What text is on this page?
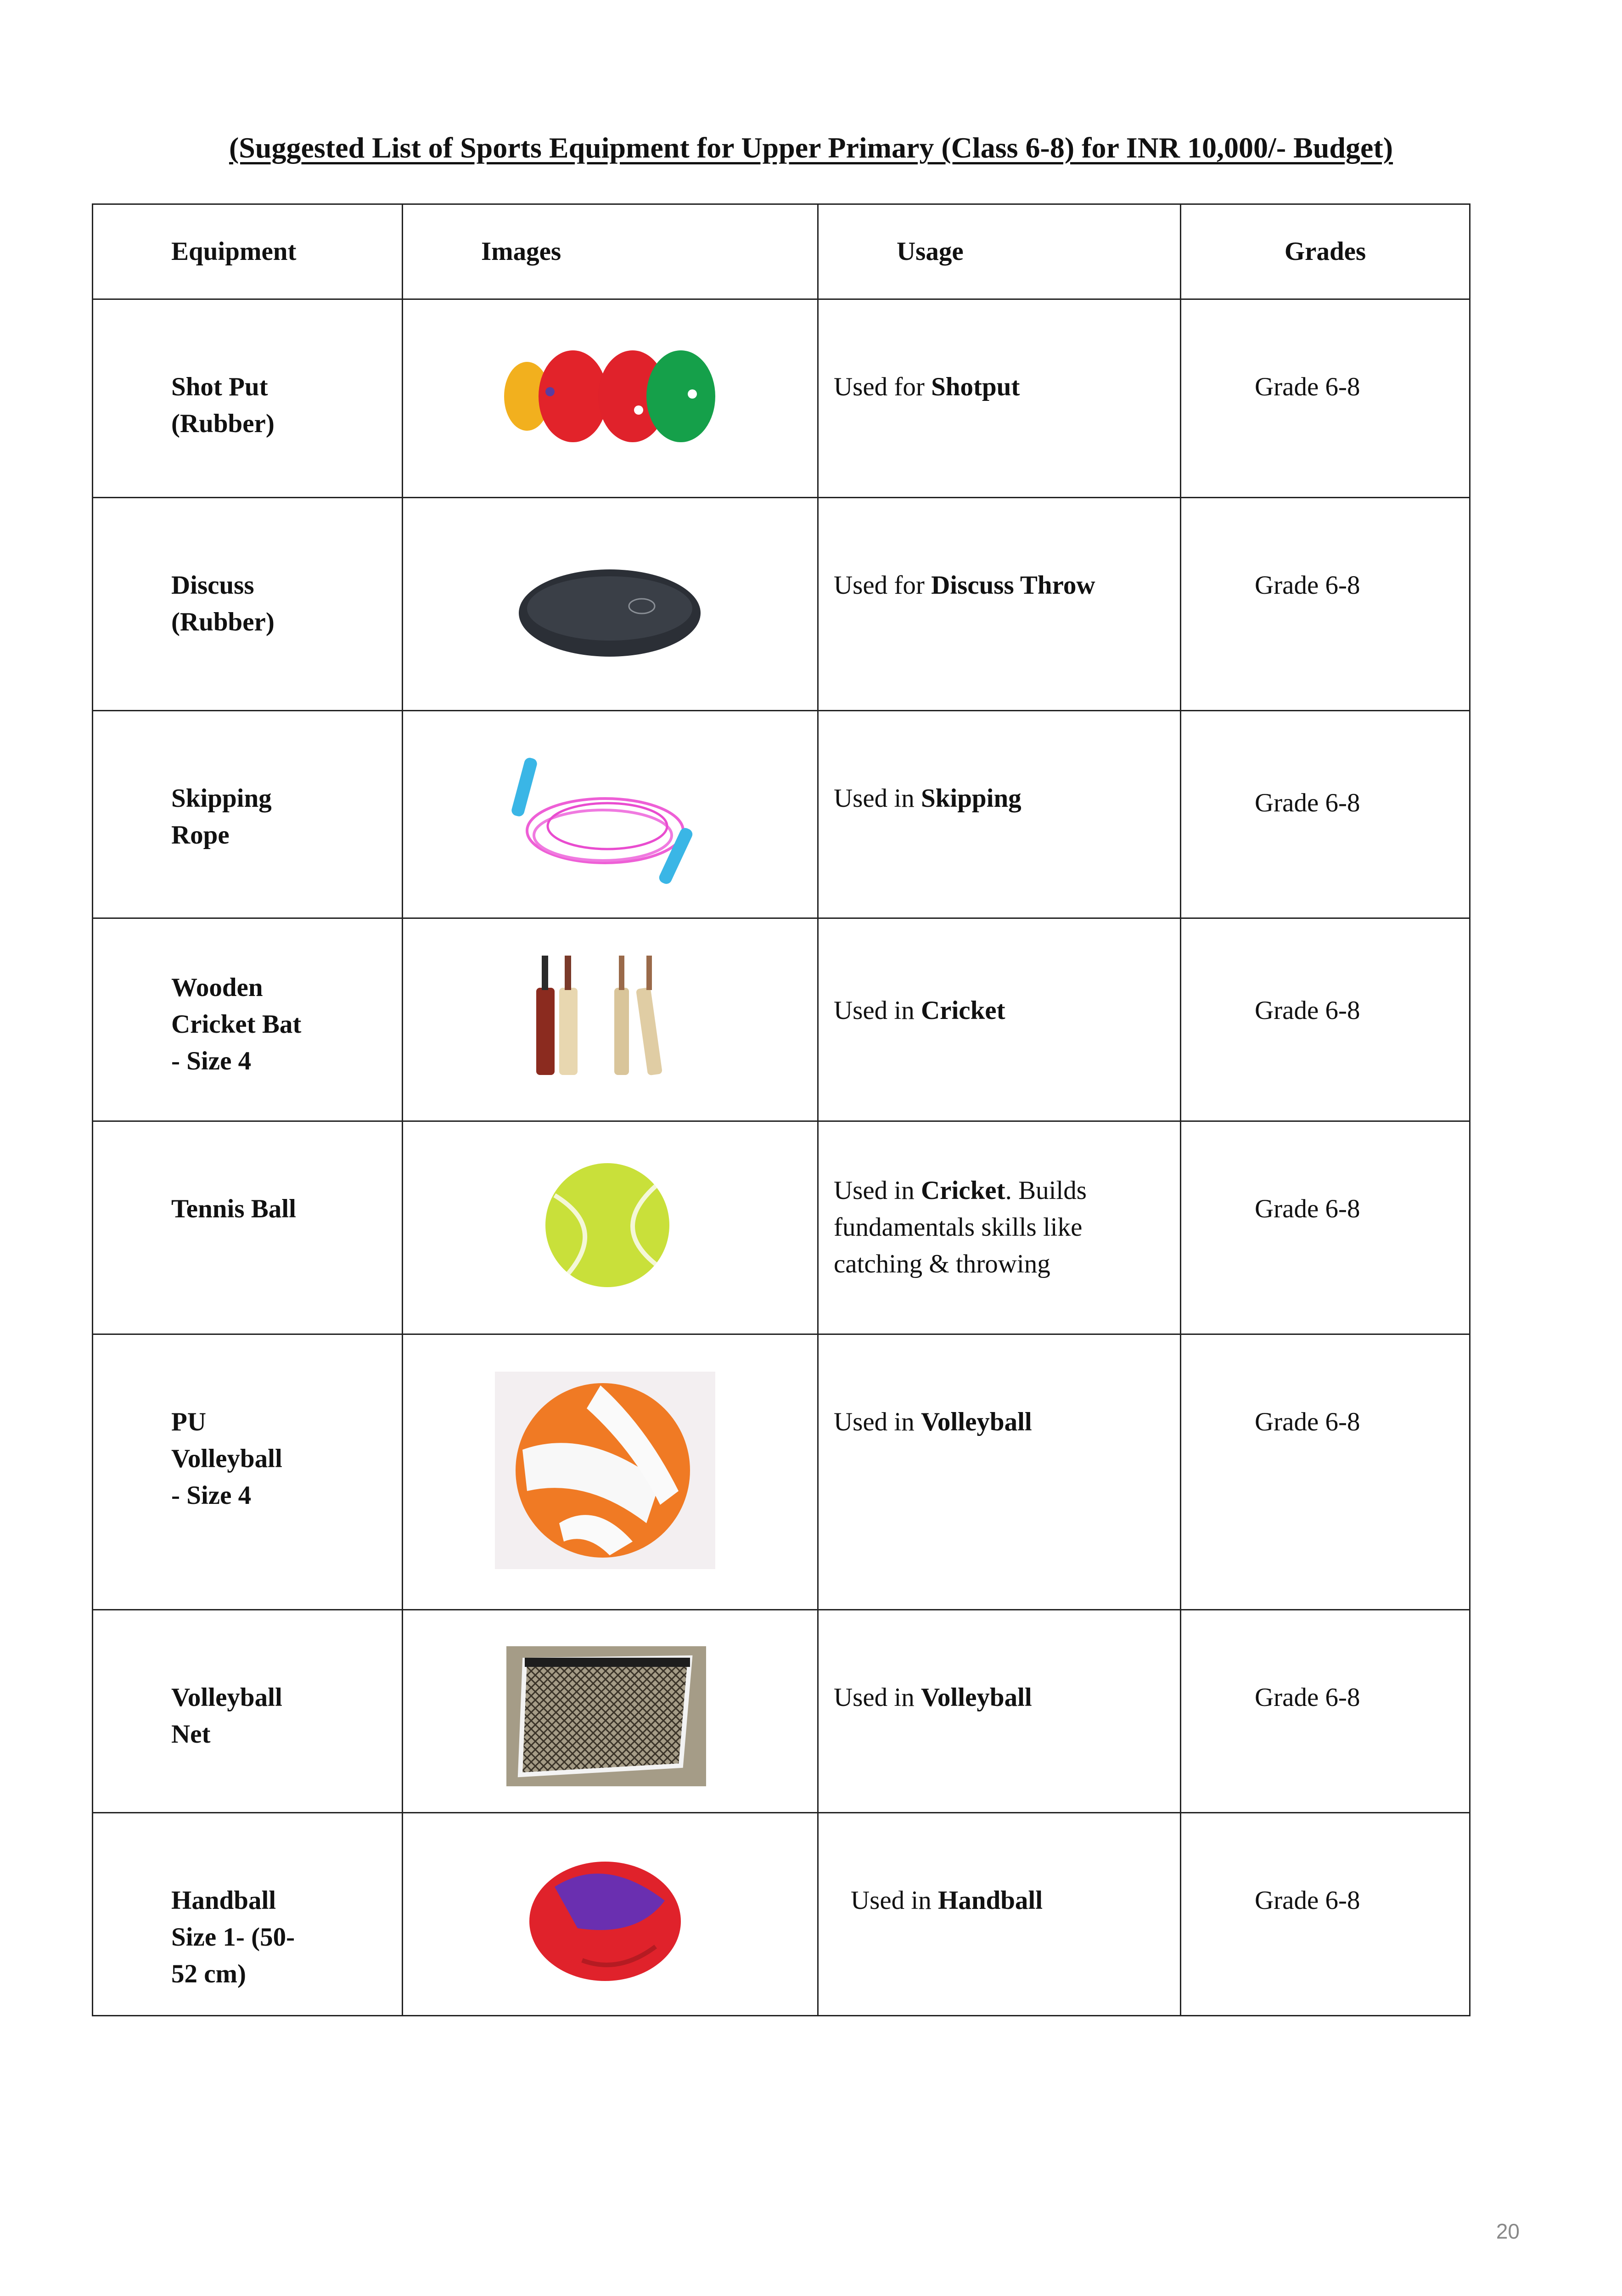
(Suggested List of Sports Equipment for Upper Primary (Class 6-8) for INR 10,000/- Budget)
Equipment	Images	Usage	Grades

Shot Put
(Rubber)		Used for Shotput	Grade 6-8

Discuss
(Rubber)		Used for Discuss Throw	Grade 6-8

Skipping
Rope		Used in Skipping	Grade 6-8

Wooden
Cricket Bat
- Size 4		Used in Cricket	Grade 6-8

Tennis Ball		Used in Cricket. Builds fundamentals skills like catching & throwing	Grade 6-8

PU
Volleyball
- Size 4		Used in Volleyball	Grade 6-8

Volleyball
Net		Used in Volleyball	Grade 6-8

Handball
Size 1- (50-
52 cm)		Used in Handball	Grade 6-8
20
